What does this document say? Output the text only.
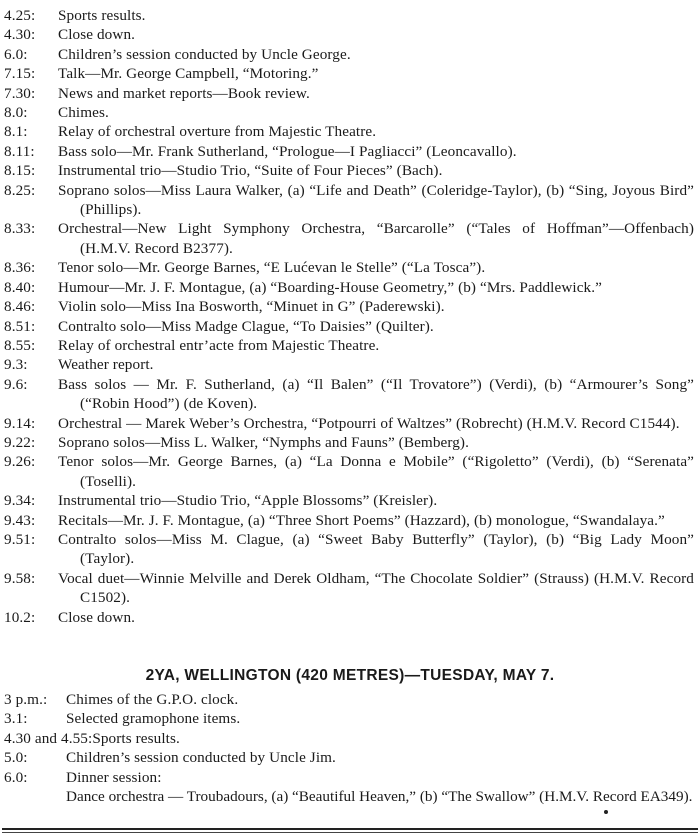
4.25:	Sports results.
4.30:	Close down.
6.0:	Children’s session conducted by Uncle George.
7.15:	Talk—Mr. George Campbell, “Motoring.”
7.30:	News and market reports—Book review.
8.0:	Chimes.
8.1:	Relay of orchestral overture from Majestic Theatre.
8.11:	Bass solo—Mr. Frank Sutherland, “Prologue—I Pagliacci” (Leoncavallo).
8.15:	Instrumental trio—Studio Trio, “Suite of Four Pieces” (Bach).
8.25:	Soprano solos—Miss Laura Walker, (a) “Life and Death” (Coleridge-Taylor), (b) “Sing, Joyous Bird” (Phillips).
8.33:	Orchestral—New Light Symphony Orchestra, “Barcarolle” (“Tales of Hoffman”—Offenbach) (H.M.V. Record B2377).
8.36:	Tenor solo—Mr. George Barnes, “E Lućevan le Stelle” (“La Tosca”).
8.40:	Humour—Mr. J. F. Montague, (a) “Boarding-House Geometry,” (b) “Mrs. Paddlewick.”
8.46:	Violin solo—Miss Ina Bosworth, “Minuet in G” (Paderewski).
8.51:	Contralto solo—Miss Madge Clague, “To Daisies” (Quilter).
8.55:	Relay of orchestral entr’acte from Majestic Theatre.
9.3:	Weather report.
9.6:	Bass solos — Mr. F. Sutherland, (a) “Il Balen” (“Il Trovatore”) (Verdi), (b) “Armourer’s Song” (“Robin Hood”) (de Koven).
9.14:	Orchestral — Marek Weber’s Orchestra, “Potpourri of Waltzes” (Robrecht) (H.M.V. Record C1544).
9.22:	Soprano solos—Miss L. Walker, “Nymphs and Fauns” (Bemberg).
9.26:	Tenor solos—Mr. George Barnes, (a) “La Donna e Mobile” (“Rigoletto” (Verdi), (b) “Serenata” (Toselli).
9.34:	Instrumental trio—Studio Trio, “Apple Blossoms” (Kreisler).
9.43:	Recitals—Mr. J. F. Montague, (a) “Three Short Poems” (Hazzard), (b) monologue, “Swandalaya.”
9.51:	Contralto solos—Miss M. Clague, (a) “Sweet Baby Butterfly” (Taylor), (b) “Big Lady Moon” (Taylor).
9.58:	Vocal duet—Winnie Melville and Derek Oldham, “The Chocolate Soldier” (Strauss) (H.M.V. Record C1502).
10.2:	Close down.
2YA, WELLINGTON (420 METRES)—TUESDAY, MAY 7.
3 p.m.:	Chimes of the G.P.O. clock.
3.1:	Selected gramophone items.
4.30 and 4.55: Sports results.
5.0:	Children’s session conducted by Uncle Jim.
6.0:	Dinner session:
Dance orchestra — Troubadours, (a) “Beautiful Heaven,” (b) “The Swallow” (H.M.V. Record EA349).
